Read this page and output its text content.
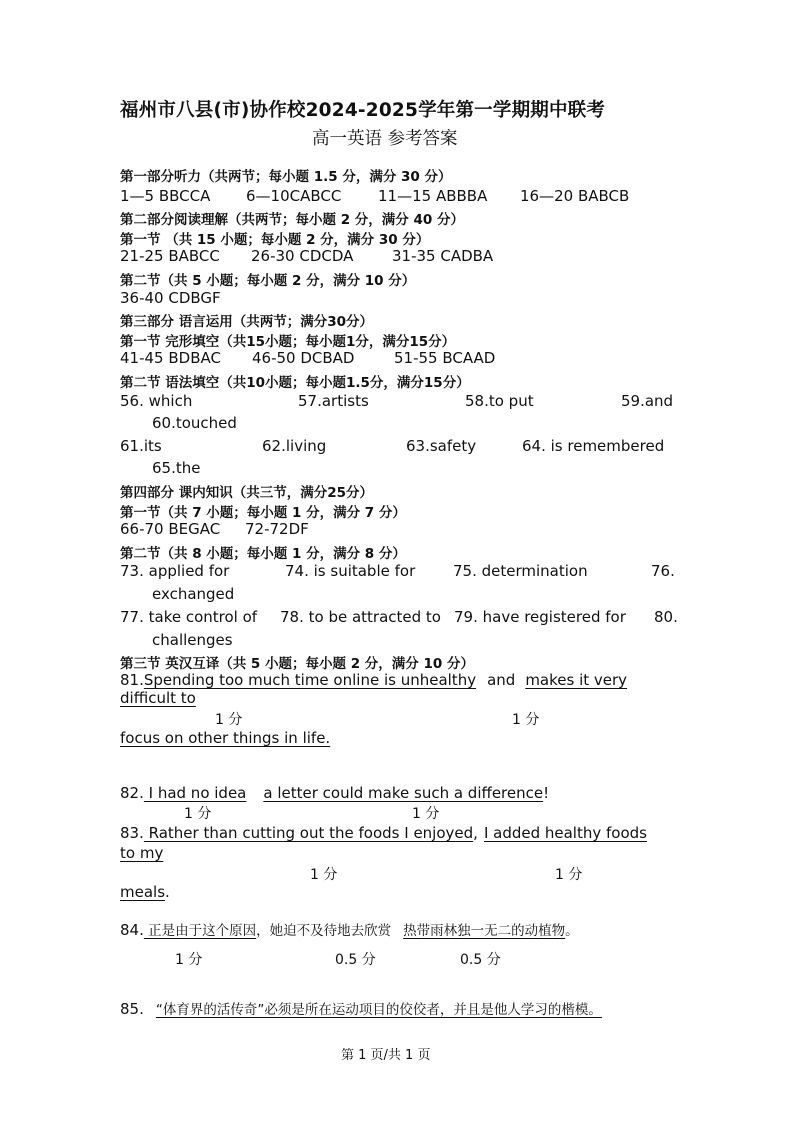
福州市八县(市)协作校2024-2025学年第一学期期中联考
高一英语 参考答案
第一部分听力（共两节；每小题 1.5 分，满分 30 分）
1—5 BBCCA 6—10CABCC 11—15 ABBBA 16—20 BABCB
第二部分阅读理解（共两节；每小题 2 分，满分 40 分）
第一节 （共 15 小题；每小题 2 分，满分 30 分）
21-25 BABCC 26-30 CDCDA	31-35 CADBA
第二节（共 5 小题；每小题 2 分，满分 10 分）
36-40 CDBGF
第三部分 语言运用（共两节；满分30分）
第一节 完形填空（共15小题；每小题1分，满分15分）
41-45 BDBAC 46-50 DCBAD	51-55 BCAAD
第二节 语法填空（共10小题；每小题1.5分，满分15分）
56. which	57.artists	58.to put	59.and
60.touched
61.its	62.living	63.safety	64. is remembered
65.the
第四部分 课内知识（共三节，满分25分）
第一节（共 7 小题；每小题 1 分，满分 7 分）
66-70 BEGAC 72-72DF
第二节（共 8 小题；每小题 1 分，满分 8 分）
73. applied for	74. is suitable for	75. determination	76.
exchanged
77. take control of 78. to be attracted to 79. have registered for 80.
challenges
第三节 英汉互译（共 5 小题；每小题 2 分，满分 10 分）
81.Spending too much time online is unhealthy and makes it very
difficult to
1 分	1 分
focus on other things in life.
82. I had no idea a letter could make such a difference!
1 分	1 分
83. Rather than cutting out the foods I enjoyed, I added healthy foods
to my
1 分	1 分
meals.
84. 正是由于这个原因，她迫不及待地去欣赏 热带雨林独一无二的动植物。
1 分	0.5 分	0.5 分
85. “体育界的活传奇”必须是所在运动项目的佼佼者，并且是他人学习的楷模。
第 1 页/共 1 页
